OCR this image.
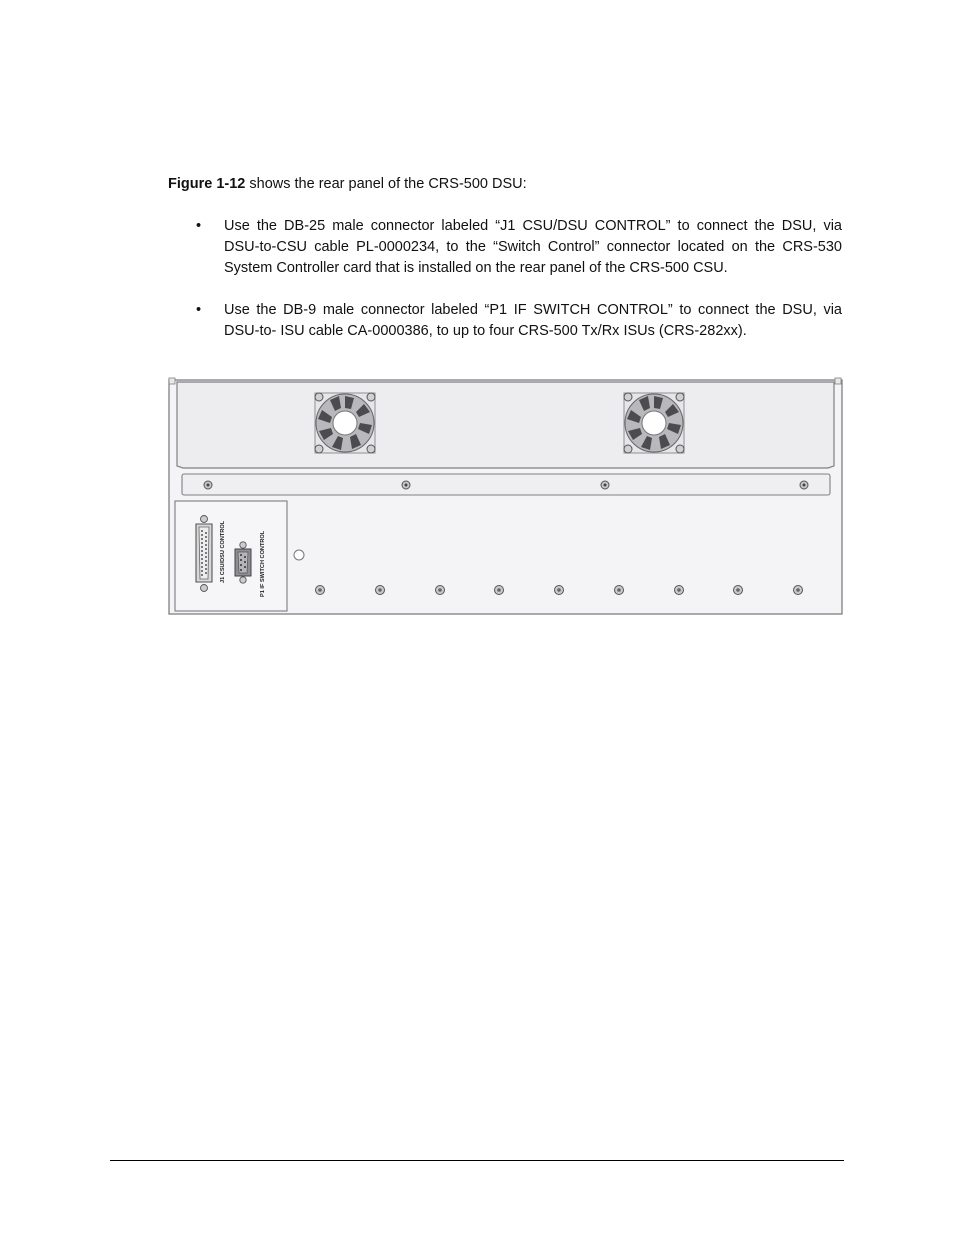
Figure 1-12 shows the rear panel of the CRS-500 DSU:
•	Use the DB-25 male connector labeled “J1 CSU/DSU CONTROL” to connect the DSU, via DSU-to-CSU cable PL-0000234, to the “Switch Control” connector located on the CRS-530 System Controller card that is installed on the rear panel of the CRS-500 CSU.
•	Use the DB-9 male connector labeled “P1 IF SWITCH CONTROL” to connect the DSU, via DSU-to- ISU cable CA-0000386, to up to four CRS-500 Tx/Rx ISUs (CRS-282xx).
J1 CSU/DSU CONTROL	P1 IF SWITCH CONTROL
